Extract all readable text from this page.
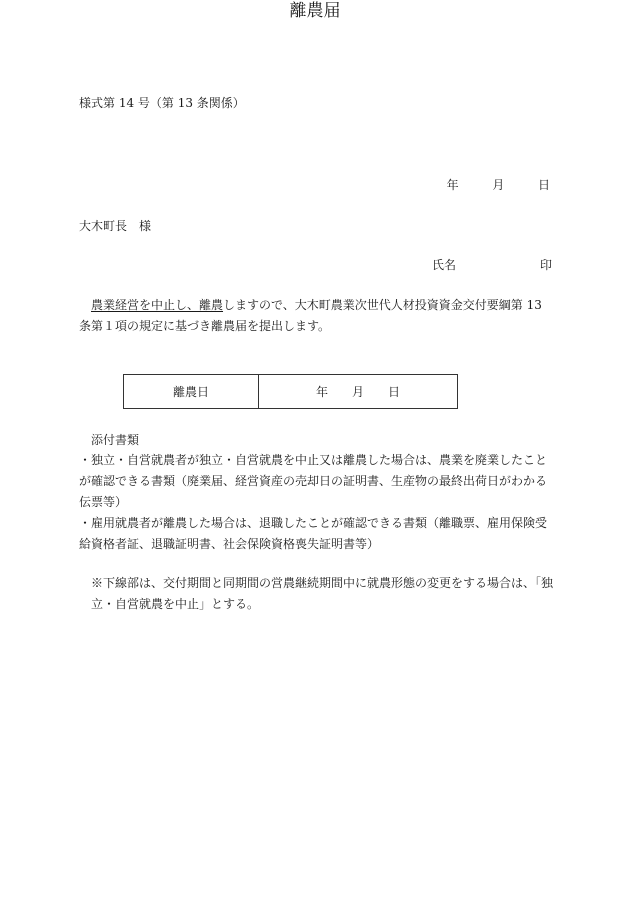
様式第 14 号（第 13 条関係）
離農届
年	月	日
大木町長　様
氏名	印
農業経営を中止し、離農しますので、大木町農業次世代人材投資資金交付要綱第 13 条第１項の規定に基づき離農届を提出します。
離農日	年 月 日
添付書類

・独立・自営就農者が独立・自営就農を中止又は離農した場合は、農業を廃業したことが確認できる書類（廃業届、経営資産の売却日の証明書、生産物の最終出荷日がわかる伝票等）

・雇用就農者が離農した場合は、退職したことが確認できる書類（離職票、雇用保険受給資格者証、退職証明書、社会保険資格喪失証明書等）

※下線部は、交付期間と同期間の営農継続期間中に就農形態の変更をする場合は、「独立・自営就農を中止」とする。
